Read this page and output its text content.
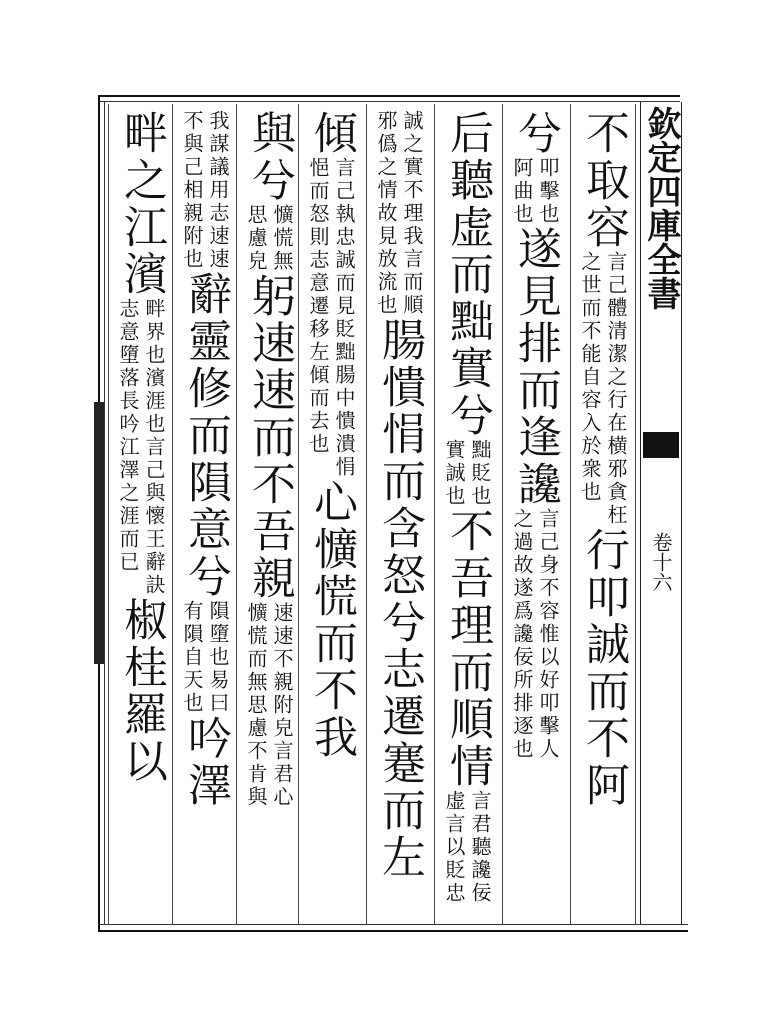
欽定四庫全書
卷十六
不取容
言己體清潔之行在横邪貪枉
之世而不能自容入於衆也
行叩誠而不阿
兮
叩擊也
阿曲也
遂見排而逢讒
言己身不容惟以好叩擊人
之過故遂爲讒佞所排逐也
后聽虚而黜實兮
黜貶也
實誠也
不吾理而順情
言君聽讒佞
虚言以貶忠
誠之實不理我言而順
邪僞之情故見放流也
腸憒悁而含怒兮志遷蹇而左
傾
言己執忠誠而見貶黜腸中憒潰悁
悒而怒則志意遷移左傾而去也
心懭慌而不我
與兮
懭慌無
思慮皃
躬速速而不吾親
速速不親附皃言君心
懭慌而無思慮不肯與
我謀議用志速速
不與己相親附也
辭靈修而隕意兮
隕墮也易曰
有隕自天也
吟澤
畔之江濱
畔界也濱涯也言己與懷王辭訣
志意墮落長吟江澤之涯而已
椒桂羅以
